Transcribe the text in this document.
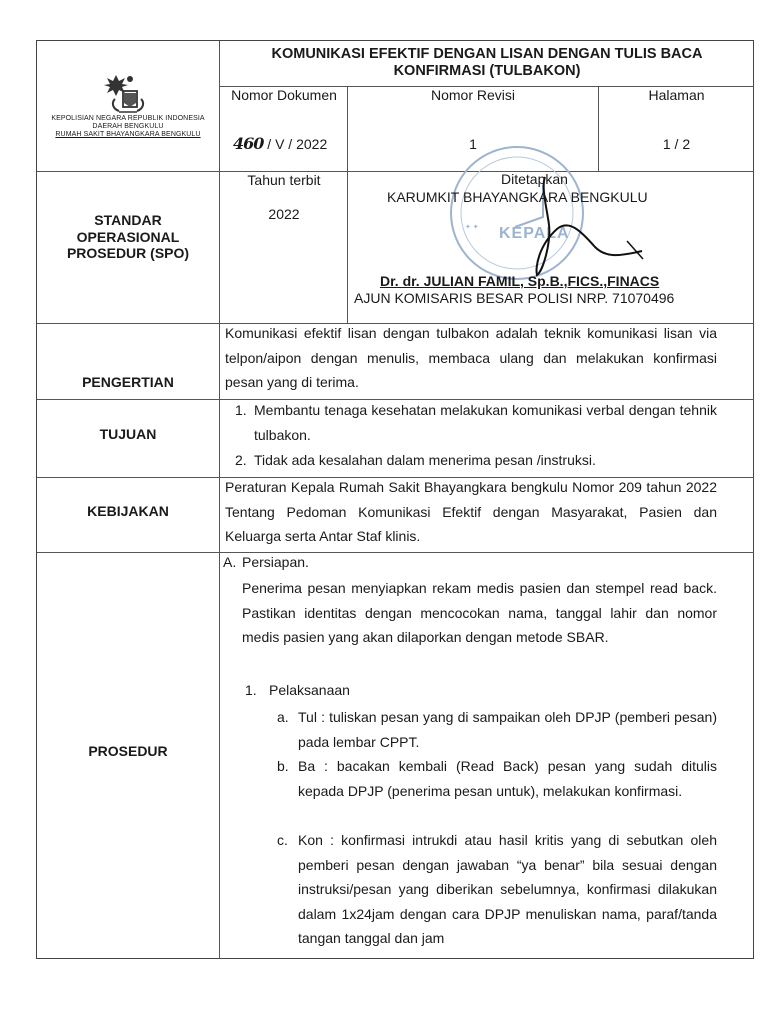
KEPOLISIAN NEGARA REPUBLIK INDONESIA
DAERAH BENGKULU
RUMAH SAKIT BHAYANGKARA BENGKULU
KOMUNIKASI EFEKTIF DENGAN LISAN DENGAN TULIS BACA KONFIRMASI (TULBAKON)
Nomor Dokumen
460 / V / 2022
Nomor Revisi
1
Halaman
1 / 2
STANDAR OPERASIONAL PROSEDUR (SPO)
Tahun terbit
2022
✦ ✦ KEPALA
Ditetapkan
KARUMKIT BHAYANGKARA BENGKULU
Dr. dr. JULIAN FAMIL, Sp.B.,FICS.,FINACS
AJUN KOMISARIS BESAR POLISI NRP. 71070496
PENGERTIAN
Komunikasi efektif lisan dengan tulbakon adalah teknik komunikasi lisan via telpon/aipon dengan menulis, membaca ulang dan melakukan konfirmasi pesan yang di terima.
TUJUAN
1. Membantu tenaga kesehatan melakukan komunikasi verbal dengan tehnik tulbakon.
2. Tidak ada kesalahan dalam menerima pesan /instruksi.
KEBIJAKAN
Peraturan Kepala Rumah Sakit Bhayangkara bengkulu Nomor 209 tahun 2022 Tentang Pedoman Komunikasi Efektif dengan Masyarakat, Pasien dan Keluarga serta Antar Staf klinis.
PROSEDUR
A. Persiapan.
Penerima pesan menyiapkan rekam medis pasien dan stempel read back. Pastikan identitas dengan mencocokan nama, tanggal lahir dan nomor medis pasien yang akan dilaporkan dengan metode SBAR.
1. Pelaksanaan
a. Tul : tuliskan pesan yang di sampaikan oleh DPJP (pemberi pesan) pada lembar CPPT.
b. Ba : bacakan kembali (Read Back) pesan yang sudah ditulis kepada DPJP (penerima pesan untuk), melakukan konfirmasi.
c. Kon : konfirmasi intrukdi atau hasil kritis yang di sebutkan oleh pemberi pesan dengan jawaban “ya benar” bila sesuai dengan instruksi/pesan yang diberikan sebelumnya, konfirmasi dilakukan dalam 1x24jam dengan cara DPJP menuliskan nama, paraf/tanda tangan tanggal dan jam
